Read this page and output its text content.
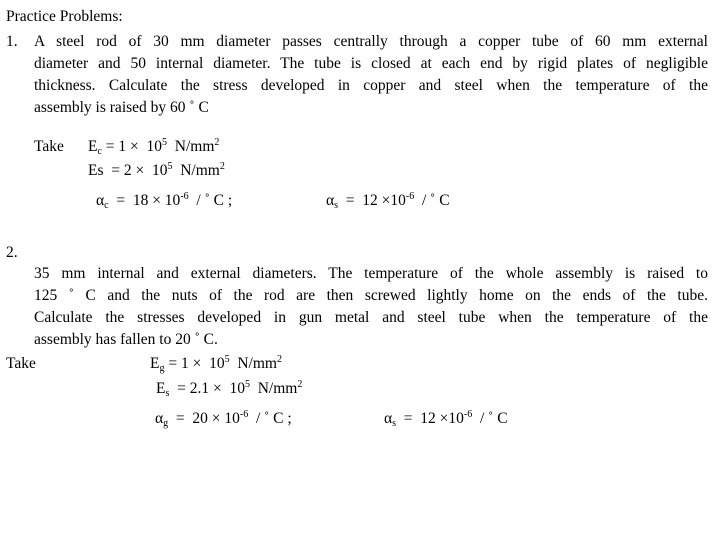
Practice Problems:
1. A steel rod of 30 mm diameter passes centrally through a copper tube of 60 mm external
diameter and 50 internal diameter. The tube is closed at each end by rigid plates of negligible
thickness. Calculate the stress developed in copper and steel when the temperature of the
assembly is raised by 60 ˚ C
Take $E_c = 1 \times 10^5$  $N/mm^2$
$Es = 2 \times 10^5$  $N/mm^2$
$\alpha_c = 18 \times 10^{-6}$  / ˚ C ;	$\alpha_s = 12 \times 10^{-6}$  / ˚ C
2.
35 mm internal and external diameters. The temperature of the whole assembly is raised to
125 ˚ C and the nuts of the rod are then screwed lightly home on the ends of the tube.
Calculate the stresses developed in gun metal and steel tube when the temperature of the
assembly has fallen to 20 ˚ C.
Take	$E_g = 1 \times 10^5$  $N/mm^2$
$E_s = 2.1 \times 10^5$  $N/mm^2$
$\alpha_g = 20 \times 10^{-6}$  / ˚ C ;	$\alpha_s = 12 \times 10^{-6}$  / ˚ C
